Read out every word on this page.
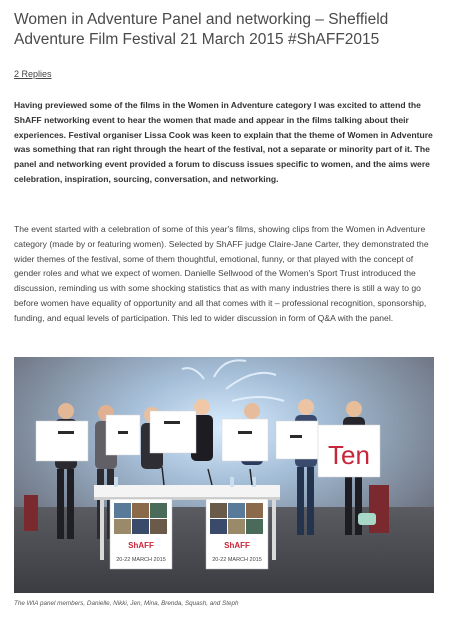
Women in Adventure Panel and networking – Sheffield Adventure Film Festival 21 March 2015 #ShAFF2015
2 Replies

Having previewed some of the films in the Women in Adventure category I was excited to attend the ShAFF networking event to hear the women that made and appear in the films talking about their experiences. Festival organiser Lissa Cook was keen to explain that the theme of Women in Adventure was something that ran right through the heart of the festival, not a separate or minority part of it. The panel and networking event provided a forum to discuss issues specific to women, and the aims were celebration, inspiration, sourcing, conversation, and networking.

The event started with a celebration of some of this year's films, showing clips from the Women in Adventure category (made by or featuring women). Selected by ShAFF judge Claire-Jane Carter, they demonstrated the wider themes of the festival, some of them thoughtful, emotional, funny, or that played with the concept of gender roles and what we expect of women. Danielle Sellwood of the Women's Sport Trust introduced the discussion, reminding us with some shocking statistics that as with many industries there is still a way to go before women have equality of opportunity and all that comes with it – professional recognition, sponsorship, funding, and equal levels of participation. This led to wider discussion in form of Q&A with the panel.

Ten
ShAFF
20-22 MARCH 2015
ShAFF
20-22 MARCH 2015
The WIA panel members, Danielle, Nikki, Jen, Mina, Brenda, Squash, and Steph
